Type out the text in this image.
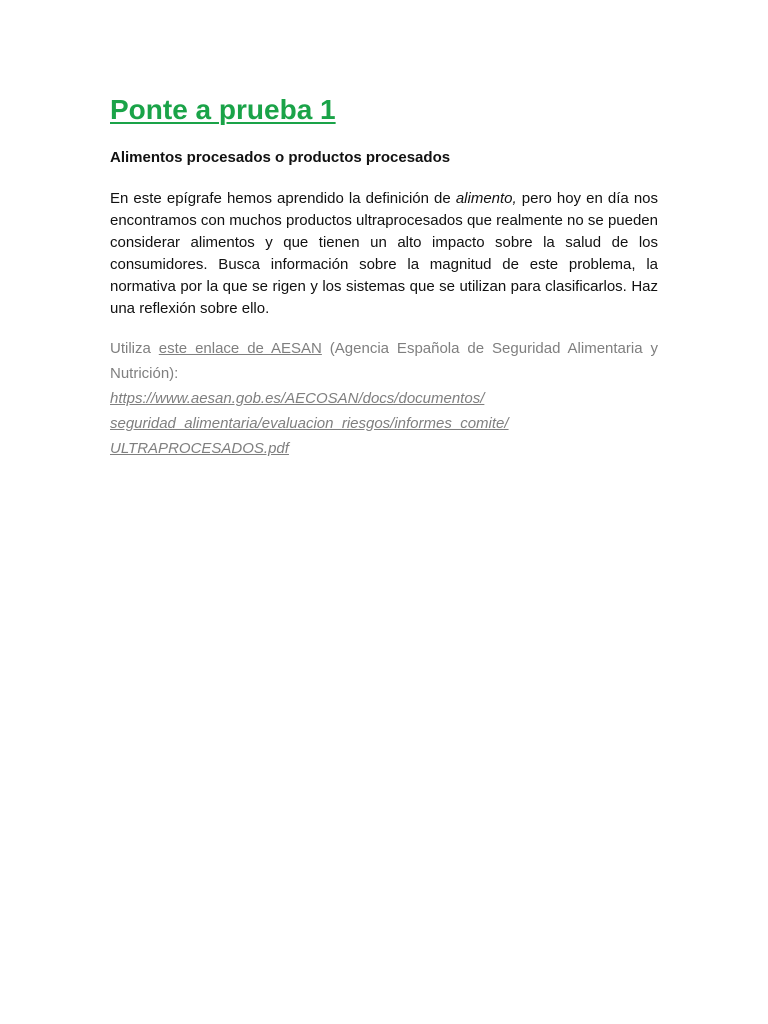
Ponte a prueba 1

Alimentos procesados o productos procesados

En este epígrafe hemos aprendido la definición de alimento, pero hoy en día nos encontramos con muchos productos ultraprocesados que realmente no se pueden considerar alimentos y que tienen un alto impacto sobre la salud de los consumidores. Busca información sobre la magnitud de este problema, la normativa por la que se rigen y los sistemas que se utilizan para clasificarlos. Haz una reflexión sobre ello.

Utiliza este enlace de AESAN (Agencia Española de Seguridad Alimentaria y Nutrición):

https://www.aesan.gob.es/AECOSAN/docs/documentos/
seguridad_alimentaria/evaluacion_riesgos/informes_comite/
ULTRAPROCESADOS.pdf
